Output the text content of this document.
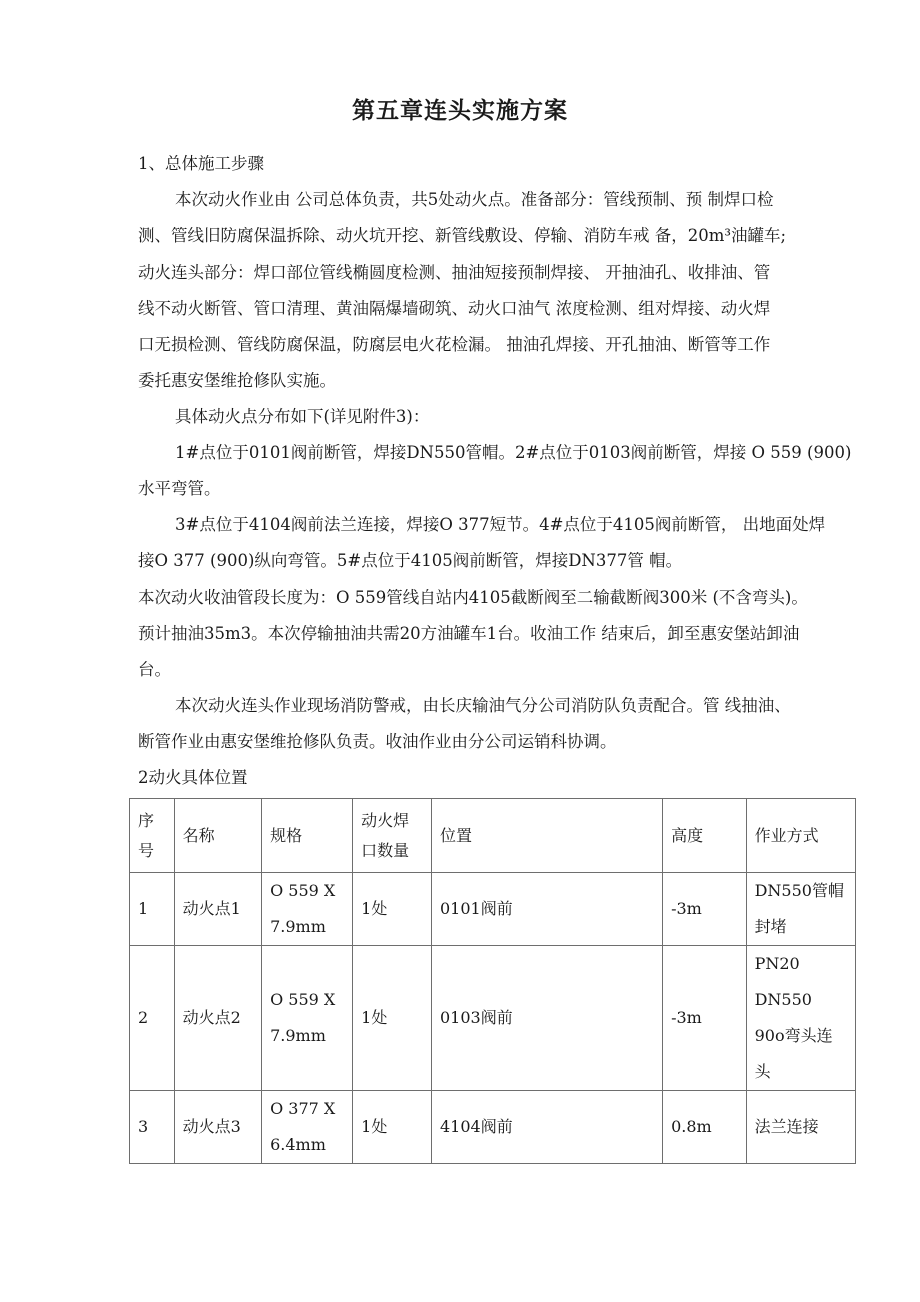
第五章连头实施方案
1、总体施工步骤
本次动火作业由 公司总体负责，共5处动火点。准备部分：管线预制、预 制焊口检
测、管线旧防腐保温拆除、动火坑开挖、新管线敷设、停输、消防车戒 备，20m³油罐车;
动火连头部分：焊口部位管线椭圆度检测、抽油短接预制焊接、 开抽油孔、收排油、管
线不动火断管、管口清理、黄油隔爆墙砌筑、动火口油气 浓度检测、组对焊接、动火焊
口无损检测、管线防腐保温，防腐层电火花检漏。 抽油孔焊接、开孔抽油、断管等工作
委托惠安堡维抢修队实施。
具体动火点分布如下(详见附件3)：
1#点位于0101阀前断管，焊接DN550管帽。2#点位于0103阀前断管，焊接 O 559 (900)
水平弯管。
3#点位于4104阀前法兰连接，焊接O 377短节。4#点位于4105阀前断管， 出地面处焊
接O 377 (900)纵向弯管。5#点位于4105阀前断管，焊接DN377管 帽。
本次动火收油管段长度为：O 559管线自站内4105截断阀至二输截断阀300米 (不含弯头)。
预计抽油35m3。本次停输抽油共需20方油罐车1台。收油工作 结束后，卸至惠安堡站卸油
台。
本次动火连头作业现场消防警戒，由长庆输油气分公司消防队负责配合。管 线抽油、
断管作业由惠安堡维抢修队负责。收油作业由分公司运销科协调。
2动火具体位置
序
号	名称	规格	动火焊
口数量	位置	高度	作业方式
1	动火点1	O 559 X
7.9mm	1处	0101阀前	-3m	DN550管帽
封堵

2	动火点2	O 559 X
7.9mm	1处	0103阀前	-3m	PN20 DN550
90o弯头连
头

3	动火点3	O 377 X
6.4mm	1处	4104阀前	0.8m	法兰连接
